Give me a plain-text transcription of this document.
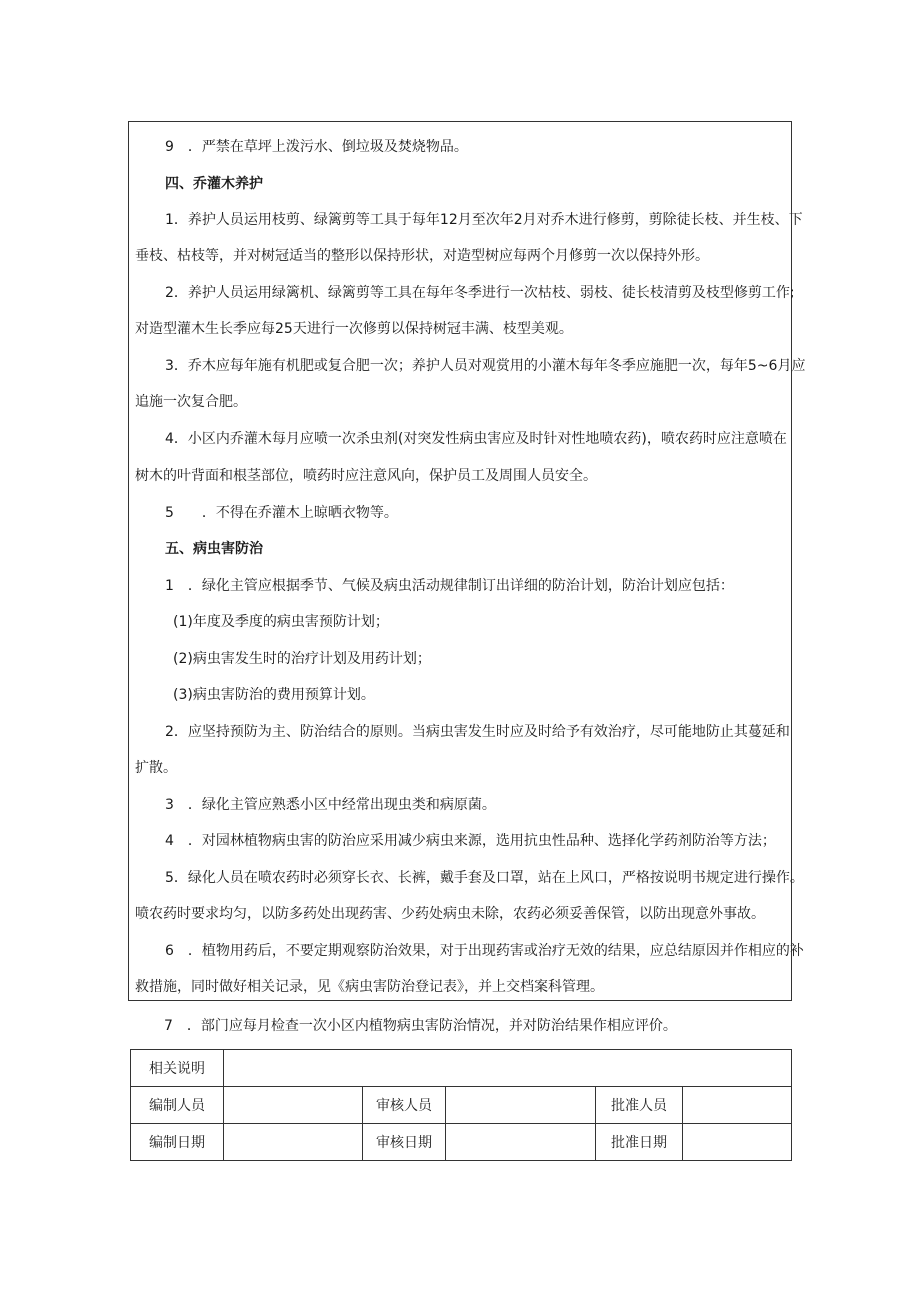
9　．严禁在草坪上泼污水、倒垃圾及焚烧物品。
四、乔灌木养护
1．养护人员运用枝剪、绿篱剪等工具于每年12月至次年2月对乔木进行修剪，剪除徒长枝、并生枝、下
垂枝、枯枝等，并对树冠适当的整形以保持形状，对造型树应每两个月修剪一次以保持外形。
2．养护人员运用绿篱机、绿篱剪等工具在每年冬季进行一次枯枝、弱枝、徒长枝清剪及枝型修剪工作;
对造型灌木生长季应每25天进行一次修剪以保持树冠丰满、枝型美观。
3．乔木应每年施有机肥或复合肥一次；养护人员对观赏用的小灌木每年冬季应施肥一次，每年5~6月应
追施一次复合肥。
4．小区内乔灌木每月应喷一次杀虫剂(对突发性病虫害应及时针对性地喷农药)，喷农药时应注意喷在
树木的叶背面和根茎部位，喷药时应注意风向，保护员工及周围人员安全。
5　　．不得在乔灌木上晾晒衣物等。
五、病虫害防治
1　．绿化主管应根据季节、气候及病虫活动规律制订出详细的防治计划，防治计划应包括：
(1)年度及季度的病虫害预防计划；
(2)病虫害发生时的治疗计划及用药计划；
(3)病虫害防治的费用预算计划。
2．应坚持预防为主、防治结合的原则。当病虫害发生时应及时给予有效治疗，尽可能地防止其蔓延和
扩散。
3　．绿化主管应熟悉小区中经常出现虫类和病原菌。
4　．对园林植物病虫害的防治应采用减少病虫来源，选用抗虫性品种、选择化学药剂防治等方法；
5．绿化人员在喷农药时必须穿长衣、长裤，戴手套及口罩，站在上风口，严格按说明书规定进行操作。
喷农药时要求均匀，以防多药处出现药害、少药处病虫未除，农药必须妥善保管，以防出现意外事故。
6　．植物用药后，不要定期观察防治效果，对于出现药害或治疗无效的结果，应总结原因并作相应的补
救措施，同时做好相关记录，见《病虫害防治登记表》，并上交档案科管理。
7　．部门应每月检查一次小区内植物病虫害防治情况，并对防治结果作相应评价。
相关说明					
编制人员		审核人员		批准人员	
编制日期		审核日期		批准日期	
